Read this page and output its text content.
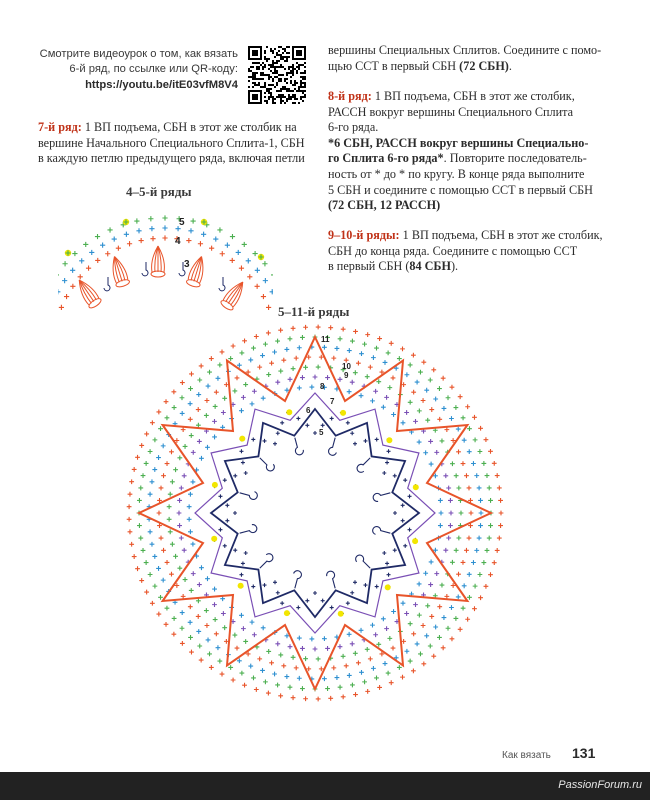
Смотрите видеоурок о том, как вязать
6-й ряд, по ссылке или QR-коду:
https://youtu.be/itE03vfM8V4
7-й ряд: 1 ВП подъема, СБН в этот же столбик на
вершине Начального Специального Сплита-1, СБН
в каждую петлю предыдущего ряда, включая петли
вершины Специальных Сплитов. Соедините с помо-
щью ССТ в первый СБН (72 СБН).
8-й ряд: 1 ВП подъема, СБН в этот же столбик,
РАССН вокруг вершины Специального Сплита
6-го ряда.
*6 СБН, РАССН вокруг вершины Специально-
го Сплита 6-го ряда*. Повторите последователь-
ность от * до * по кругу. В конце ряда выполните
5 СБН и соедините с помощью ССТ в первый СБН
(72 СБН, 12 РАССН)
9–10-й ряды: 1 ВП подъема, СБН в этот же столбик,
СБН до конца ряда. Соедините с помощью ССТ
в первый СБН (84 СБН).
4–5-й ряды
5–11-й ряды
5
4
3
11
10
9
8
7
6
5
Как вязать 131
PassionForum.ru
